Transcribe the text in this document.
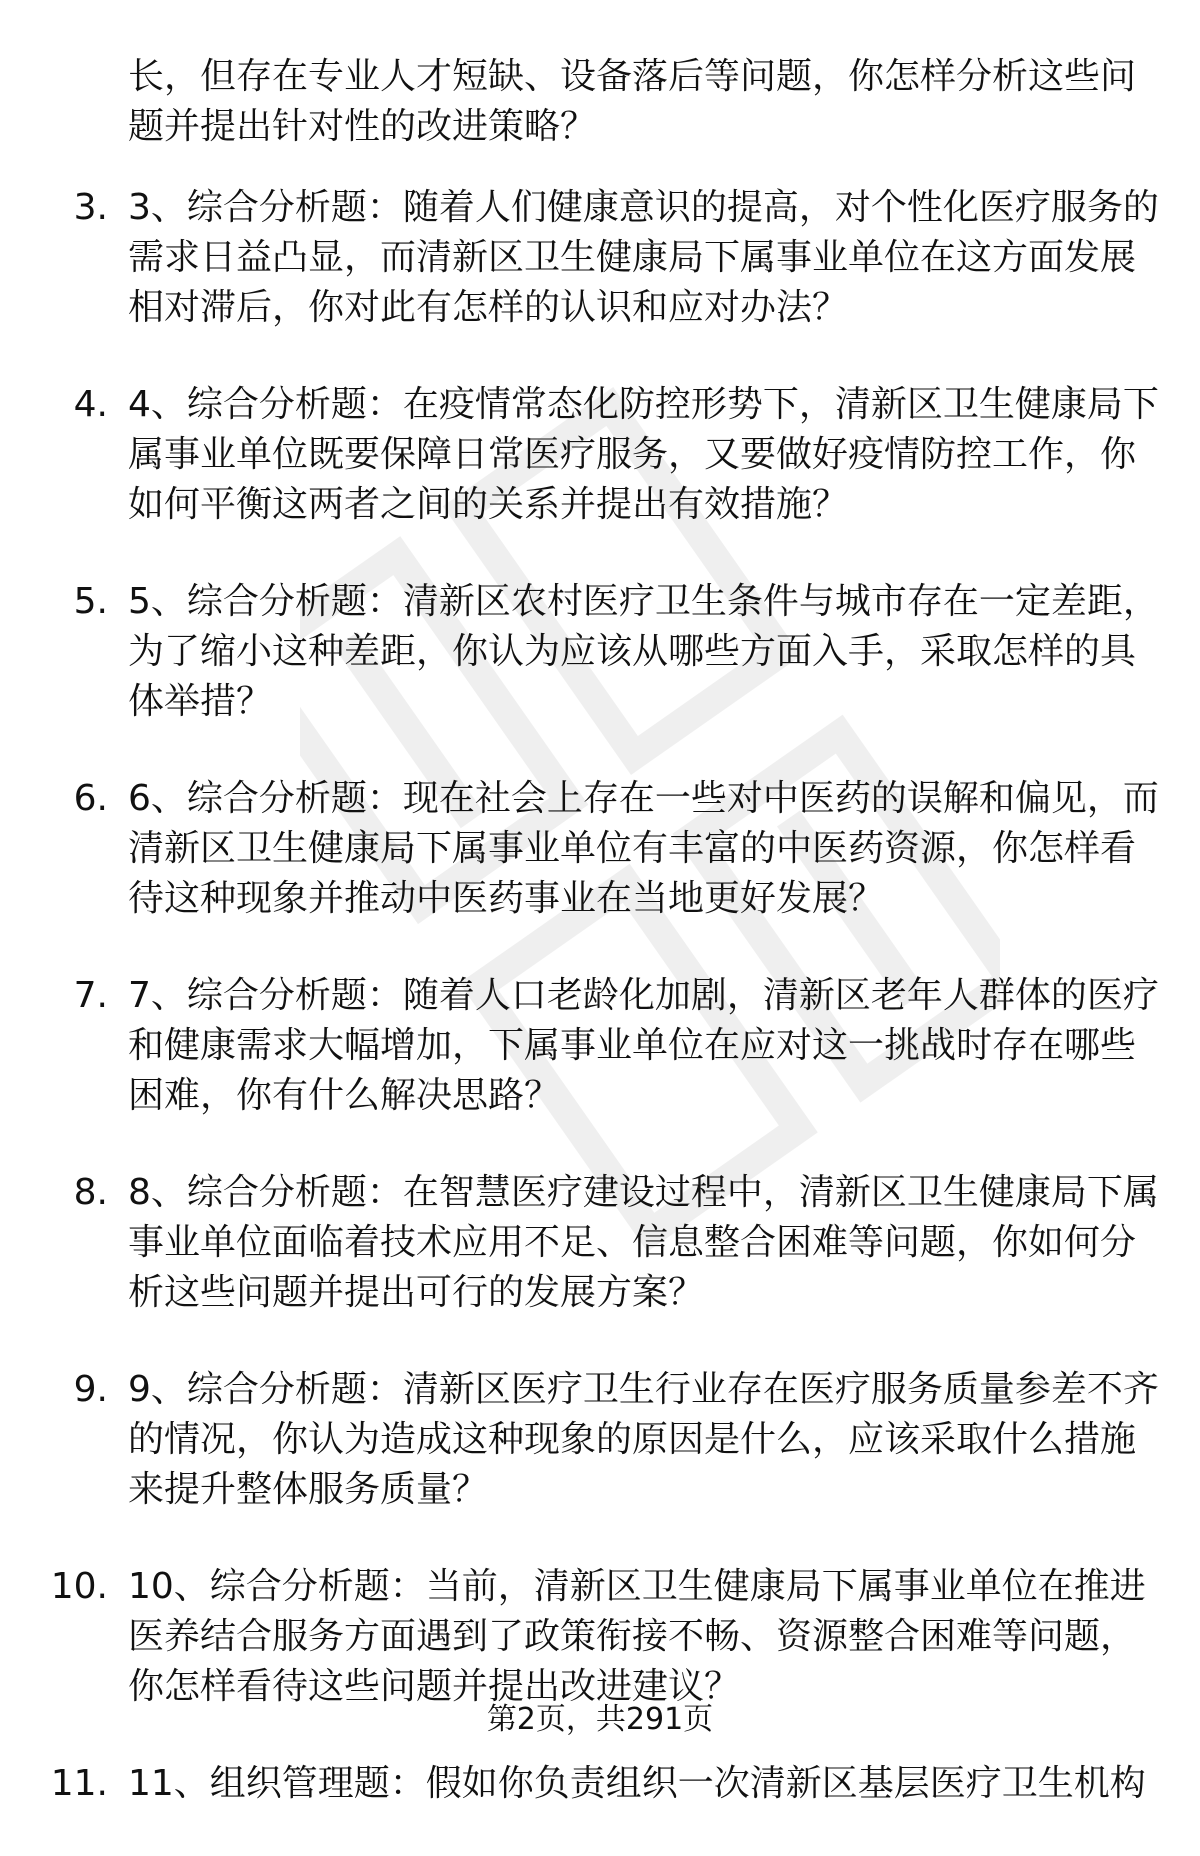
长，但存在专业人才短缺、设备落后等问题，你怎样分析这些问题并提出针对性的改进策略？

3. 3、综合分析题：随着人们健康意识的提高，对个性化医疗服务的需求日益凸显，而清新区卫生健康局下属事业单位在这方面发展相对滞后，你对此有怎样的认识和应对办法？

4. 4、综合分析题：在疫情常态化防控形势下，清新区卫生健康局下属事业单位既要保障日常医疗服务，又要做好疫情防控工作，你如何平衡这两者之间的关系并提出有效措施？

5. 5、综合分析题：清新区农村医疗卫生条件与城市存在一定差距，为了缩小这种差距，你认为应该从哪些方面入手，采取怎样的具体举措？

6. 6、综合分析题：现在社会上存在一些对中医药的误解和偏见，而清新区卫生健康局下属事业单位有丰富的中医药资源，你怎样看待这种现象并推动中医药事业在当地更好发展？

7. 7、综合分析题：随着人口老龄化加剧，清新区老年人群体的医疗和健康需求大幅增加，下属事业单位在应对这一挑战时存在哪些困难，你有什么解决思路？

8. 8、综合分析题：在智慧医疗建设过程中，清新区卫生健康局下属事业单位面临着技术应用不足、信息整合困难等问题，你如何分析这些问题并提出可行的发展方案？

9. 9、综合分析题：清新区医疗卫生行业存在医疗服务质量参差不齐的情况，你认为造成这种现象的原因是什么，应该采取什么措施来提升整体服务质量？

10. 10、综合分析题：当前，清新区卫生健康局下属事业单位在推进医养结合服务方面遇到了政策衔接不畅、资源整合困难等问题，你怎样看待这些问题并提出改进建议？

11. 11、组织管理题：假如你负责组织一次清新区基层医疗卫生机构

第2页，共291页
